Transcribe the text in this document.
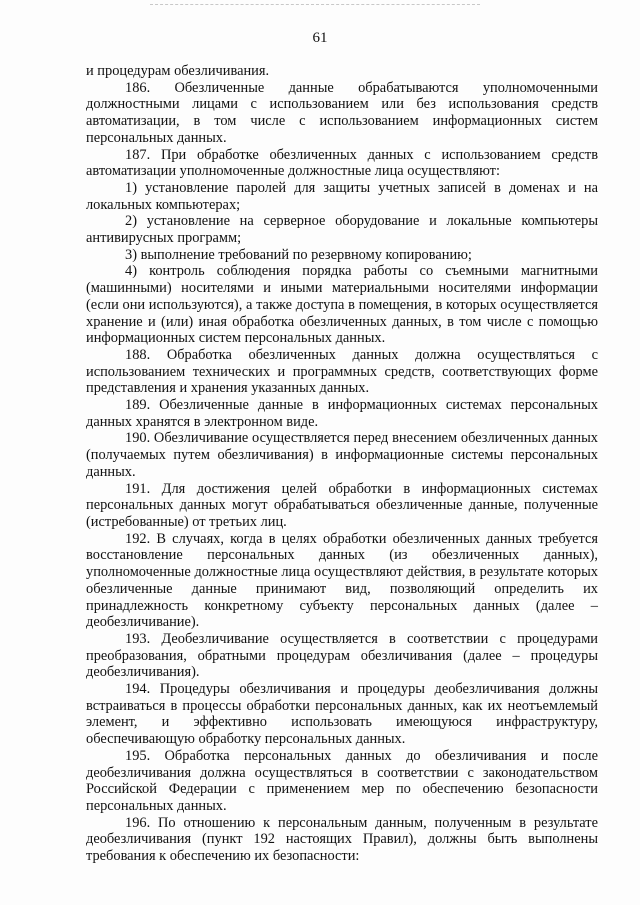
61

и процедурам обезличивания.

186. Обезличенные данные обрабатываются уполномоченными должностными лицами с использованием или без использования средств автоматизации, в том числе с использованием информационных систем персональных данных.

187. При обработке обезличенных данных с использованием средств автоматизации уполномоченные должностные лица осуществляют:

1) установление паролей для защиты учетных записей в доменах и на локальных компьютерах;

2) установление на серверное оборудование и локальные компьютеры антивирусных программ;

3) выполнение требований по резервному копированию;

4) контроль соблюдения порядка работы со съемными магнитными (машинными) носителями и иными материальными носителями информации (если они используются), а также доступа в помещения, в которых осуществляется хранение и (или) иная обработка обезличенных данных, в том числе с помощью информационных систем персональных данных.

188. Обработка обезличенных данных должна осуществляться с использованием технических и программных средств, соответствующих форме представления и хранения указанных данных.

189. Обезличенные данные в информационных системах персональных данных хранятся в электронном виде.

190. Обезличивание осуществляется перед внесением обезличенных данных (получаемых путем обезличивания) в информационные системы персональных данных.

191. Для достижения целей обработки в информационных системах персональных данных могут обрабатываться обезличенные данные, полученные (истребованные) от третьих лиц.

192. В случаях, когда в целях обработки обезличенных данных требуется восстановление персональных данных (из обезличенных данных), уполномоченные должностные лица осуществляют действия, в результате которых обезличенные данные принимают вид, позволяющий определить их принадлежность конкретному субъекту персональных данных (далее – деобезличивание).

193. Деобезличивание осуществляется в соответствии с процедурами преобразования, обратными процедурам обезличивания (далее – процедуры деобезличивания).

194. Процедуры обезличивания и процедуры деобезличивания должны встраиваться в процессы обработки персональных данных, как их неотъемлемый элемент, и эффективно использовать имеющуюся инфраструктуру, обеспечивающую обработку персональных данных.

195. Обработка персональных данных до обезличивания и после деобезличивания должна осуществляться в соответствии с законодательством Российской Федерации с применением мер по обеспечению безопасности персональных данных.

196. По отношению к персональным данным, полученным в результате деобезличивания (пункт 192 настоящих Правил), должны быть выполнены требования к обеспечению их безопасности:
